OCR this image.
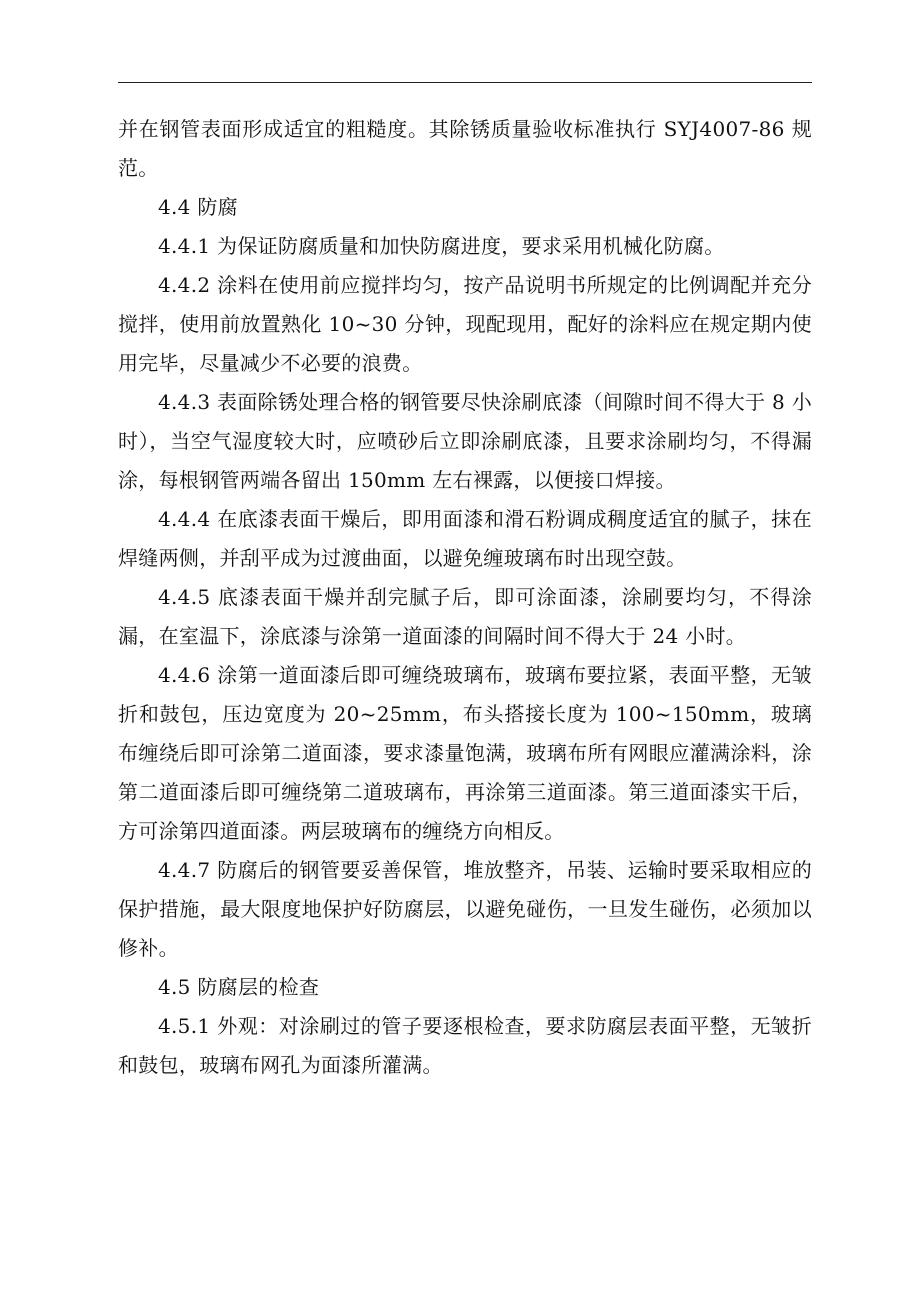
并在钢管表面形成适宜的粗糙度。其除锈质量验收标准执行 SYJ4007-86 规范。

4.4 防腐

4.4.1 为保证防腐质量和加快防腐进度，要求采用机械化防腐。

4.4.2 涂料在使用前应搅拌均匀，按产品说明书所规定的比例调配并充分搅拌，使用前放置熟化 10~30 分钟，现配现用，配好的涂料应在规定期内使用完毕，尽量减少不必要的浪费。

4.4.3 表面除锈处理合格的钢管要尽快涂刷底漆（间隙时间不得大于 8 小时），当空气湿度较大时，应喷砂后立即涂刷底漆，且要求涂刷均匀，不得漏涂，每根钢管两端各留出 150mm 左右裸露，以便接口焊接。

4.4.4 在底漆表面干燥后，即用面漆和滑石粉调成稠度适宜的腻子，抹在焊缝两侧，并刮平成为过渡曲面，以避免缠玻璃布时出现空鼓。

4.4.5 底漆表面干燥并刮完腻子后，即可涂面漆，涂刷要均匀，不得涂漏，在室温下，涂底漆与涂第一道面漆的间隔时间不得大于 24 小时。

4.4.6 涂第一道面漆后即可缠绕玻璃布，玻璃布要拉紧，表面平整，无皱折和鼓包，压边宽度为 20~25mm，布头搭接长度为 100~150mm，玻璃布缠绕后即可涂第二道面漆，要求漆量饱满，玻璃布所有网眼应灌满涂料，涂第二道面漆后即可缠绕第二道玻璃布，再涂第三道面漆。第三道面漆实干后，方可涂第四道面漆。两层玻璃布的缠绕方向相反。

4.4.7 防腐后的钢管要妥善保管，堆放整齐，吊装、运输时要采取相应的保护措施，最大限度地保护好防腐层，以避免碰伤，一旦发生碰伤，必须加以修补。

4.5 防腐层的检查

4.5.1 外观：对涂刷过的管子要逐根检查，要求防腐层表面平整，无皱折和鼓包，玻璃布网孔为面漆所灌满。
